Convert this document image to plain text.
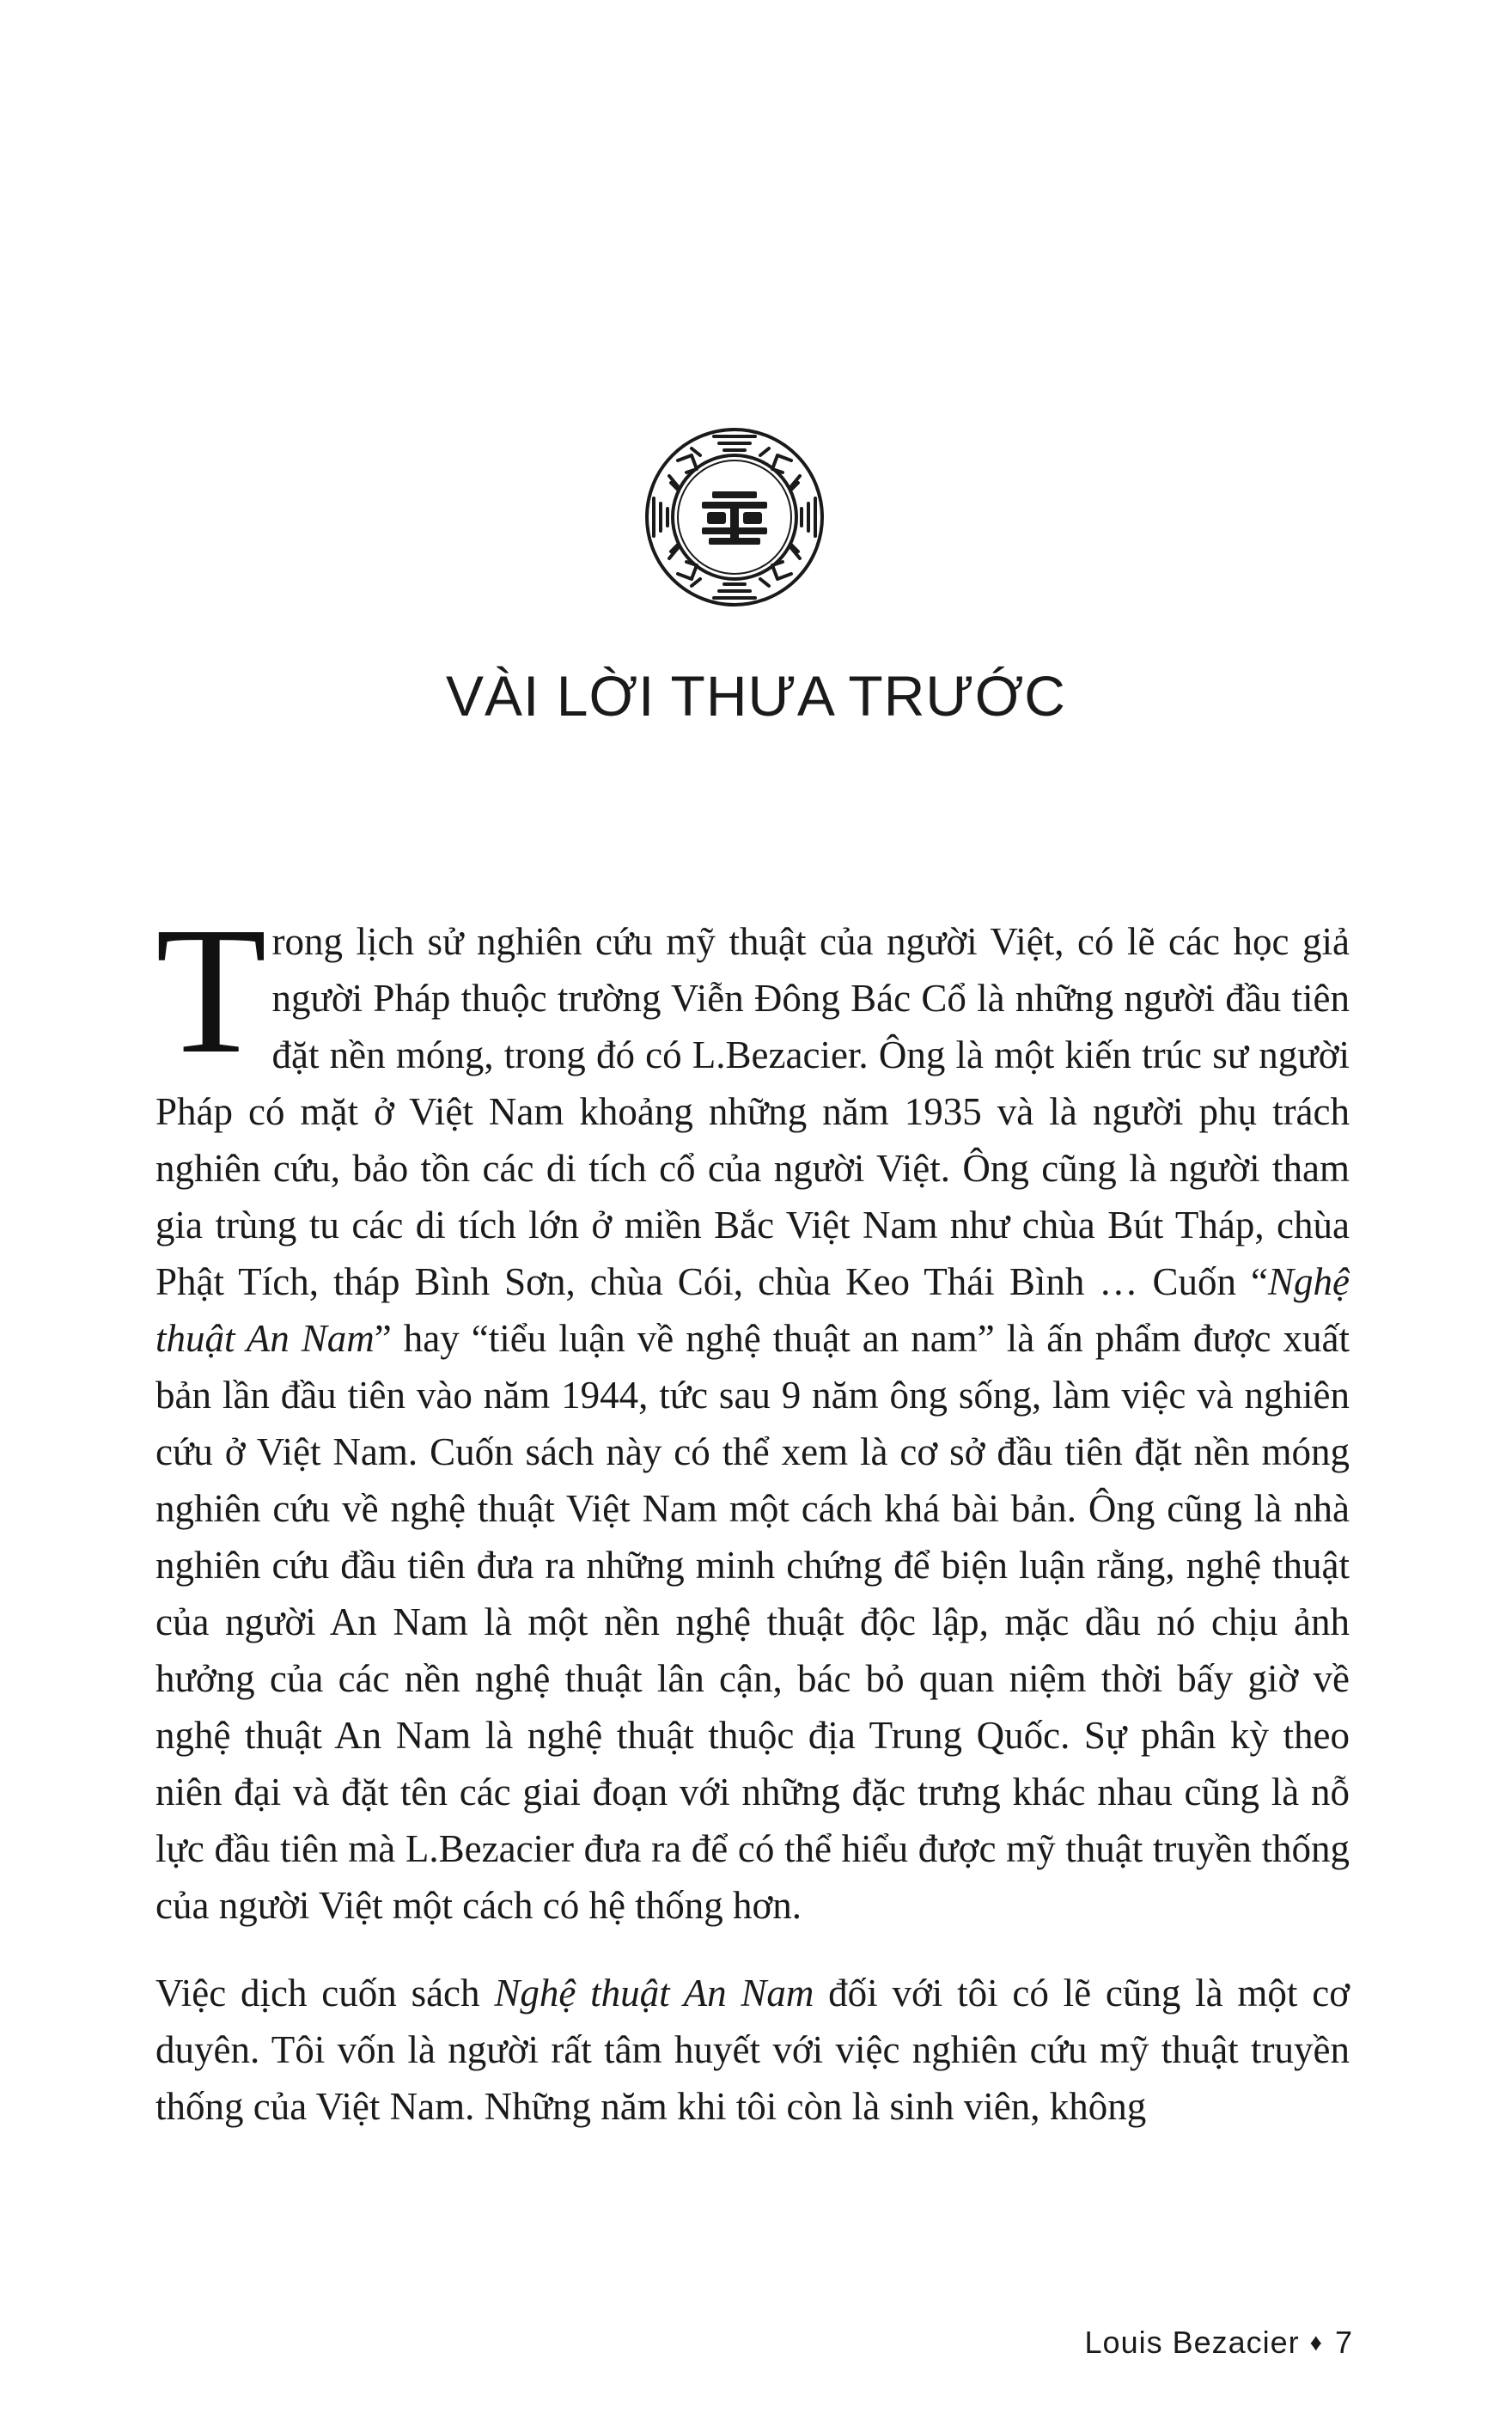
VÀI LỜI THƯA TRƯỚC

Trong lịch sử nghiên cứu mỹ thuật của người Việt, có lẽ các học giả người Pháp thuộc trường Viễn Đông Bác Cổ là những người đầu tiên đặt nền móng, trong đó có L.Bezacier. Ông là một kiến trúc sư người Pháp có mặt ở Việt Nam khoảng những năm 1935 và là người phụ trách nghiên cứu, bảo tồn các di tích cổ của người Việt. Ông cũng là người tham gia trùng tu các di tích lớn ở miền Bắc Việt Nam như chùa Bút Tháp, chùa Phật Tích, tháp Bình Sơn, chùa Cói, chùa Keo Thái Bình … Cuốn “Nghệ thuật An Nam” hay “tiểu luận về nghệ thuật an nam” là ấn phẩm được xuất bản lần đầu tiên vào năm 1944, tức sau 9 năm ông sống, làm việc và nghiên cứu ở Việt Nam. Cuốn sách này có thể xem là cơ sở đầu tiên đặt nền móng nghiên cứu về nghệ thuật Việt Nam một cách khá bài bản. Ông cũng là nhà nghiên cứu đầu tiên đưa ra những minh chứng để biện luận rằng, nghệ thuật của người An Nam là một nền nghệ thuật độc lập, mặc dầu nó chịu ảnh hưởng của các nền nghệ thuật lân cận, bác bỏ quan niệm thời bấy giờ về nghệ thuật An Nam là nghệ thuật thuộc địa Trung Quốc. Sự phân kỳ theo niên đại và đặt tên các giai đoạn với những đặc trưng khác nhau cũng là nỗ lực đầu tiên mà L.Bezacier đưa ra để có thể hiểu được mỹ thuật truyền thống của người Việt một cách có hệ thống hơn.

Việc dịch cuốn sách Nghệ thuật An Nam đối với tôi có lẽ cũng là một cơ duyên. Tôi vốn là người rất tâm huyết với việc nghiên cứu mỹ thuật truyền thống của Việt Nam. Những năm khi tôi còn là sinh viên, không

Louis Bezacier ♦ 7
